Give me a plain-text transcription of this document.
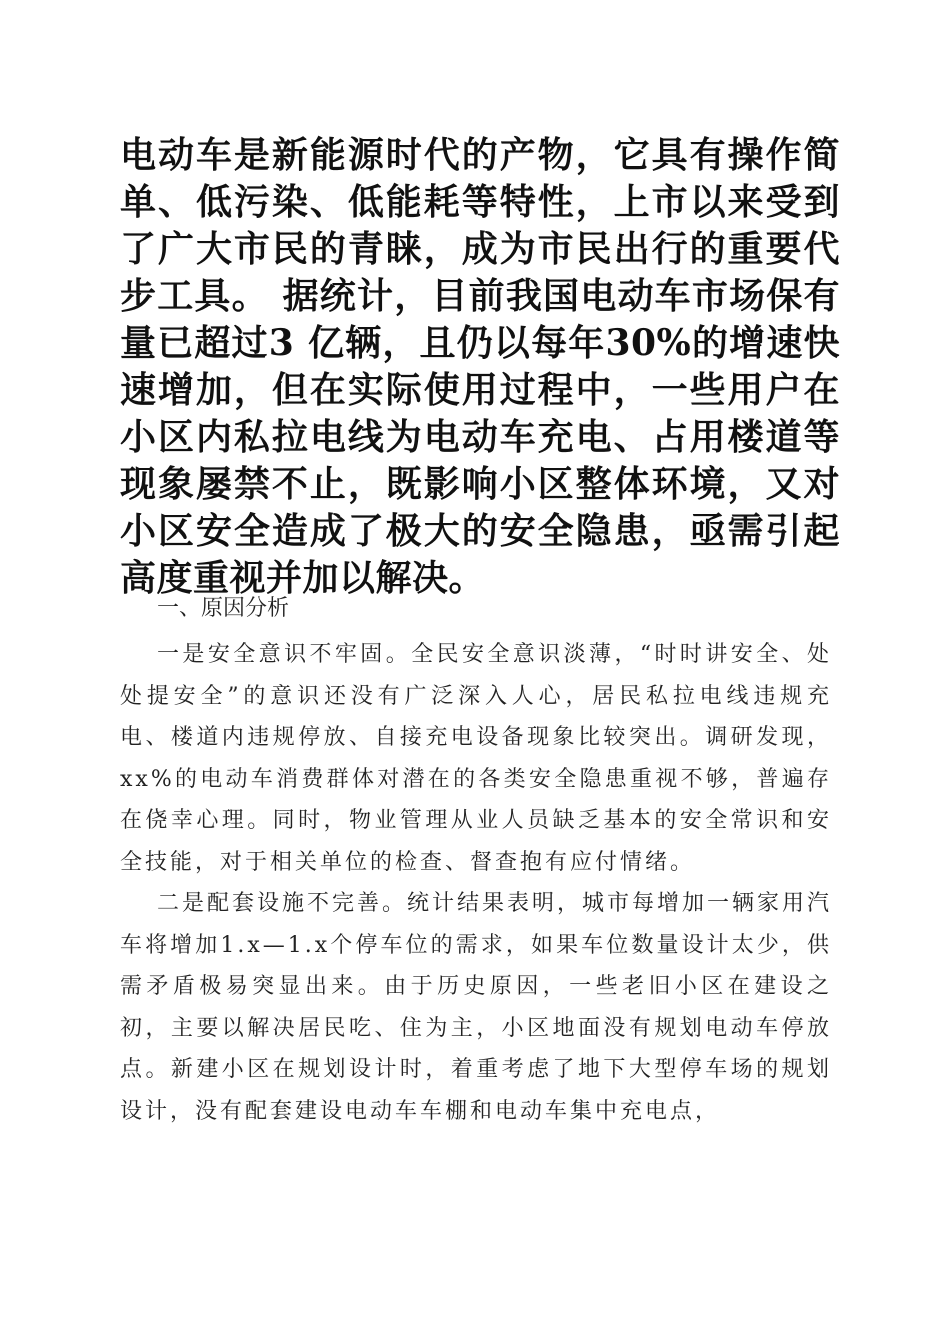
电动车是新能源时代的产物，它具有操作简单、低污染、低能耗等特性，上市以来受到了广大市民的青睐，成为市民出行的重要代步工具。 据统计，目前我国电动车市场保有量已超过3 亿辆，且仍以每年30%的增速快速增加，但在实际使用过程中，一些用户在小区内私拉电线为电动车充电、占用楼道等现象屡禁不止，既影响小区整体环境，又对小区安全造成了极大的安全隐患，亟需引起高度重视并加以解决。

一、原因分析

一是安全意识不牢固。全民安全意识淡薄，“时时讲安全、处处提安全”的意识还没有广泛深入人心，居民私拉电线违规充电、楼道内违规停放、自接充电设备现象比较突出。调研发现，xx%的电动车消费群体对潜在的各类安全隐患重视不够，普遍存在侥幸心理。同时，物业管理从业人员缺乏基本的安全常识和安全技能，对于相关单位的检查、督查抱有应付情绪。

二是配套设施不完善。统计结果表明，城市每增加一辆家用汽车将增加1.x—1.x个停车位的需求，如果车位数量设计太少，供需矛盾极易突显出来。由于历史原因，一些老旧小区在建设之初，主要以解决居民吃、住为主，小区地面没有规划电动车停放点。新建小区在规划设计时，着重考虑了地下大型停车场的规划设计，没有配套建设电动车车棚和电动车集中充电点，
